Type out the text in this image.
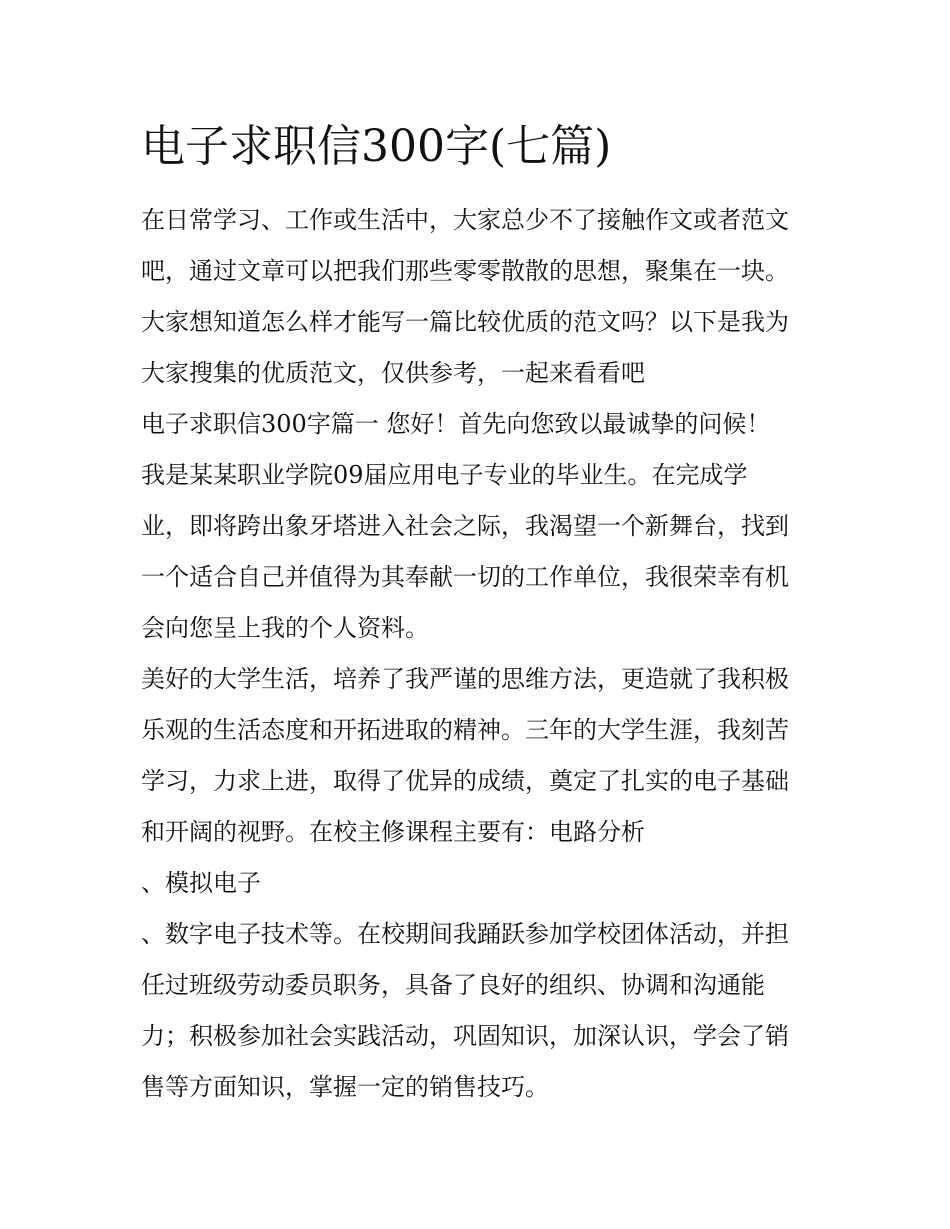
电子求职信300字(七篇)

在日常学习、工作或生活中，大家总少不了接触作文或者范文

吧，通过文章可以把我们那些零零散散的思想，聚集在一块。

大家想知道怎么样才能写一篇比较优质的范文吗？以下是我为

大家搜集的优质范文，仅供参考，一起来看看吧

电子求职信300字篇一 您好！首先向您致以最诚挚的问候！

我是某某职业学院09届应用电子专业的毕业生。在完成学

业，即将跨出象牙塔进入社会之际，我渴望一个新舞台，找到

一个适合自己并值得为其奉献一切的工作单位，我很荣幸有机

会向您呈上我的个人资料。

美好的大学生活，培养了我严谨的思维方法，更造就了我积极

乐观的生活态度和开拓进取的精神。三年的大学生涯，我刻苦

学习，力求上进，取得了优异的成绩，奠定了扎实的电子基础

和开阔的视野。在校主修课程主要有：电路分析

、模拟电子

、数字电子技术等。在校期间我踊跃参加学校团体活动，并担

任过班级劳动委员职务，具备了良好的组织、协调和沟通能

力；积极参加社会实践活动，巩固知识，加深认识，学会了销

售等方面知识，掌握一定的销售技巧。
